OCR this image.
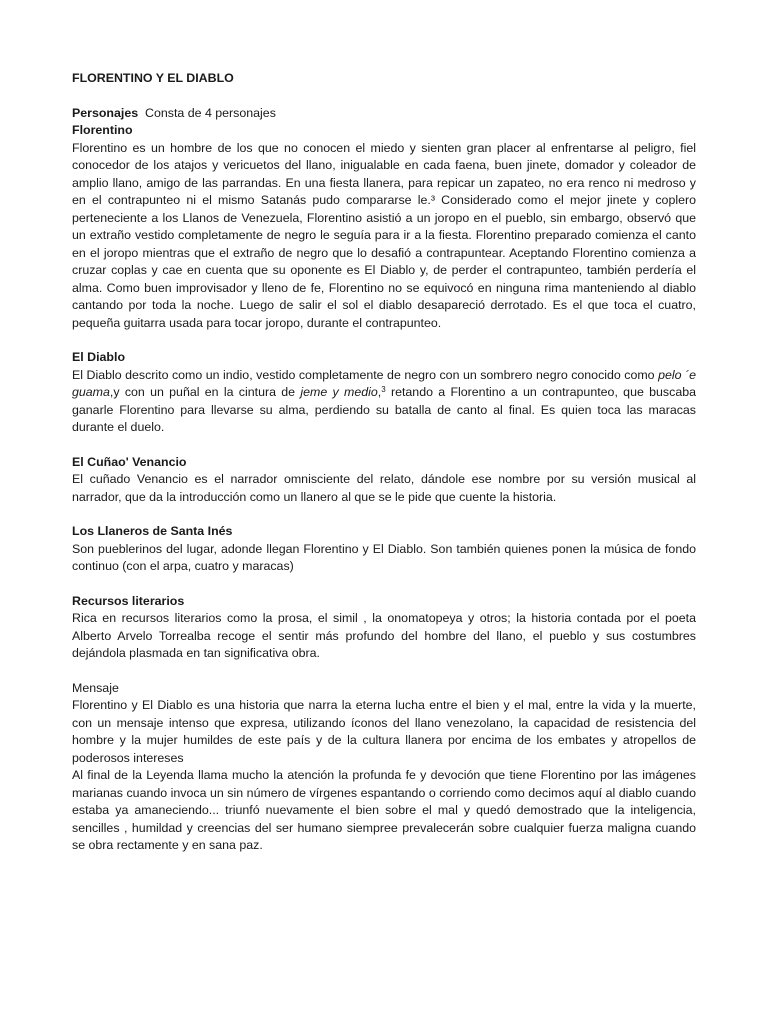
FLORENTINO Y EL DIABLO

Personajes Consta de 4 personajes
Florentino

Florentino es un hombre de los que no conocen el miedo y sienten gran placer al enfrentarse al peligro, fiel conocedor de los atajos y vericuetos del llano, inigualable en cada faena, buen jinete, domador y coleador de amplio llano, amigo de las parrandas. En una fiesta llanera, para repicar un zapateo, no era renco ni medroso y en el contrapunteo ni el mismo Satanás pudo compararse le.³ Considerado como el mejor jinete y coplero perteneciente a los Llanos de Venezuela, Florentino asistió a un joropo en el pueblo, sin embargo, observó que un extraño vestido completamente de negro le seguía para ir a la fiesta. Florentino preparado comienza el canto en el joropo mientras que el extraño de negro que lo desafió a contrapuntear. Aceptando Florentino comienza a cruzar coplas y cae en cuenta que su oponente es El Diablo y, de perder el contrapunteo, también perdería el alma. Como buen improvisador y lleno de fe, Florentino no se equivocó en ninguna rima manteniendo al diablo cantando por toda la noche. Luego de salir el sol el diablo desapareció derrotado. Es el que toca el cuatro, pequeña guitarra usada para tocar joropo, durante el contrapunteo.

El Diablo

El Diablo descrito como un indio, vestido completamente de negro con un sombrero negro conocido como pelo ´e guama,y con un puñal en la cintura de jeme y medio,$^3$ retando a Florentino a un contrapunteo, que buscaba ganarle Florentino para llevarse su alma, perdiendo su batalla de canto al final. Es quien toca las maracas durante el duelo.

El Cuñao' Venancio

El cuñado Venancio es el narrador omnisciente del relato, dándole ese nombre por su versión musical al narrador, que da la introducción como un llanero al que se le pide que cuente la historia.

Los Llaneros de Santa Inés

Son pueblerinos del lugar, adonde llegan Florentino y El Diablo. Son también quienes ponen la música de fondo continuo (con el arpa, cuatro y maracas)

Recursos literarios

Rica en recursos literarios como la prosa, el simil , la onomatopeya y otros; la historia contada por el poeta Alberto Arvelo Torrealba recoge el sentir más profundo del hombre del llano, el pueblo y sus costumbres dejándola plasmada en tan significativa obra.

Mensaje

Florentino y El Diablo es una historia que narra la eterna lucha entre el bien y el mal, entre la vida y la muerte, con un mensaje intenso que expresa, utilizando íconos del llano venezolano, la capacidad de resistencia del hombre y la mujer humildes de este país y de la cultura llanera por encima de los embates y atropellos de poderosos intereses

Al final de la Leyenda llama mucho la atención la profunda fe y devoción que tiene Florentino por las imágenes marianas cuando invoca un sin número de vírgenes espantando o corriendo como decimos aquí al diablo cuando estaba ya amaneciendo... triunfó nuevamente el bien sobre el mal y quedó demostrado que la inteligencia, sencilles , humildad y creencias del ser humano siempree prevalecerán sobre cualquier fuerza maligna cuando se obra rectamente y en sana paz.
